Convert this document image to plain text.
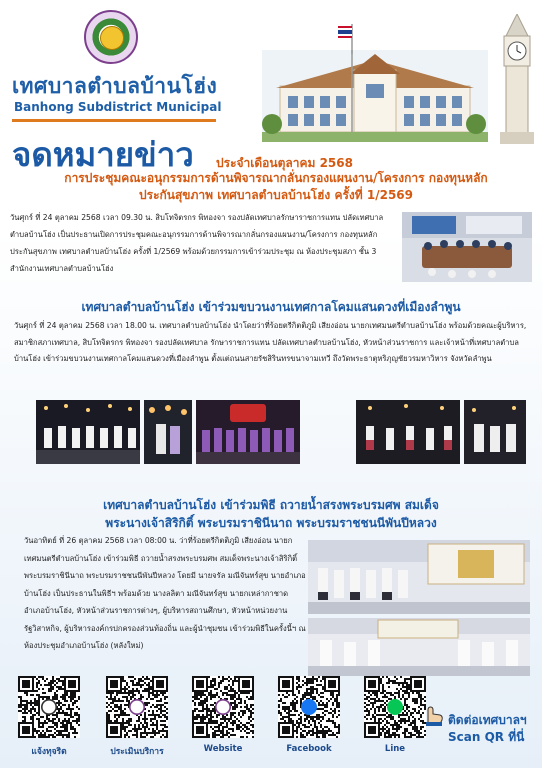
เทศบาลตำบลบ้านโฮ่ง
Banhong Subdistrict Municipal
จดหมายข่าว ประจำเดือนตุลาคม 2568
การประชุมคณะอนุกรรมการด้านพิจารณากลั่นกรองแผนงาน/โครงการ กองทุนหลัก
ประกันสุขภาพ เทศบาลตำบลบ้านโฮ่ง ครั้งที่ 1/2569
วันศุกร์ ที่ 24 ตุลาคม 2568 เวลา 09.30 น. สิบโทจิตรกร พิทองจา รองปลัดเทศบาลรักษาราชการแทน ปลัดเทศบาลตำบลบ้านโฮ่ง เป็นประธานเปิดการประชุมคณะอนุกรรมการด้านพิจารณากลั่นกรองแผนงาน/โครงการ กองทุนหลักประกันสุขภาพ เทศบาลตำบลบ้านโฮ่ง ครั้งที่ 1/2569 พร้อมด้วยกรรมการเข้าร่วมประชุม ณ ห้องประชุมสภา ชั้น 3 สำนักงานเทศบาลตำบลบ้านโฮ่ง
เทศบาลตำบลบ้านโฮ่ง เข้าร่วมขบวนงานเทศกาลโคมแสนดวงที่เมืองลำพูน
วันศุกร์ ที่ 24 ตุลาคม 2568 เวลา 18.00 น. เทศบาลตำบลบ้านโฮ่ง นำโดยว่าที่ร้อยตรีกิตติภูมิ เสียงอ่อน นายกเทศมนตรีตำบลบ้านโฮ่ง พร้อมด้วยคณะผู้บริหาร, สมาชิกสภาเทศบาล, สิบโทจิตรกร พิทองจา รองปลัดเทศบาล รักษาราชการแทน ปลัดเทศบาลตำบลบ้านโฮ่ง, หัวหน้าส่วนราชการ และเจ้าหน้าที่เทศบาลตำบลบ้านโฮ่ง เข้าร่วมขบวนงานเทศกาลโคมแสนดวงที่เมืองลำพูน ตั้งแต่ถนนสายรัชสิรินทรขนาจามเทวี ถึงวัดพระธาตุหริภุญชัยวรมหาวิหาร จังหวัดลำพูน
เทศบาลตำบลบ้านโฮ่ง เข้าร่วมพิธี ถวายน้ำสรงพระบรมศพ สมเด็จ
พระนางเจ้าสิริกิติ์ พระบรมราชินีนาถ พระบรมราชชนนีพันปีหลวง
วันอาทิตย์ ที่ 26 ตุลาคม 2568 เวลา 08:00 น. ว่าที่ร้อยตรีกิตติภูมิ เสียงอ่อน นายกเทศมนตรีตำบลบ้านโฮ่ง เข้าร่วมพิธี ถวายน้ำสรงพระบรมศพ สมเด็จพระนางเจ้าสิริกิติ์ พระบรมราชินีนาถ พระบรมราชชนนีพันปีหลวง โดยมี นายจรัล มณีจันทร์สุข นายอำเภอบ้านโฮ่ง เป็นประธานในพิธีฯ พร้อมด้วย นางลลิตา มณีจันทร์สุข นายกเหล่ากาชาดอำเภอบ้านโฮ่ง, หัวหน้าส่วนราชการต่างๆ, ผู้บริหารสถานศึกษา, หัวหน้าหน่วยงานรัฐวิสาหกิจ, ผู้บริหารองค์กรปกครองส่วนท้องถิ่น และผู้นำชุมชน เข้าร่วมพิธีในครั้งนี้ฯ ณ ห้องประชุมอำเภอบ้านโฮ่ง (หลังใหม่)
แจ้งทุจริต	ประเมินบริการ	Website	Facebook	Line
ติดต่อเทศบาลฯ
Scan QR ที่นี่
